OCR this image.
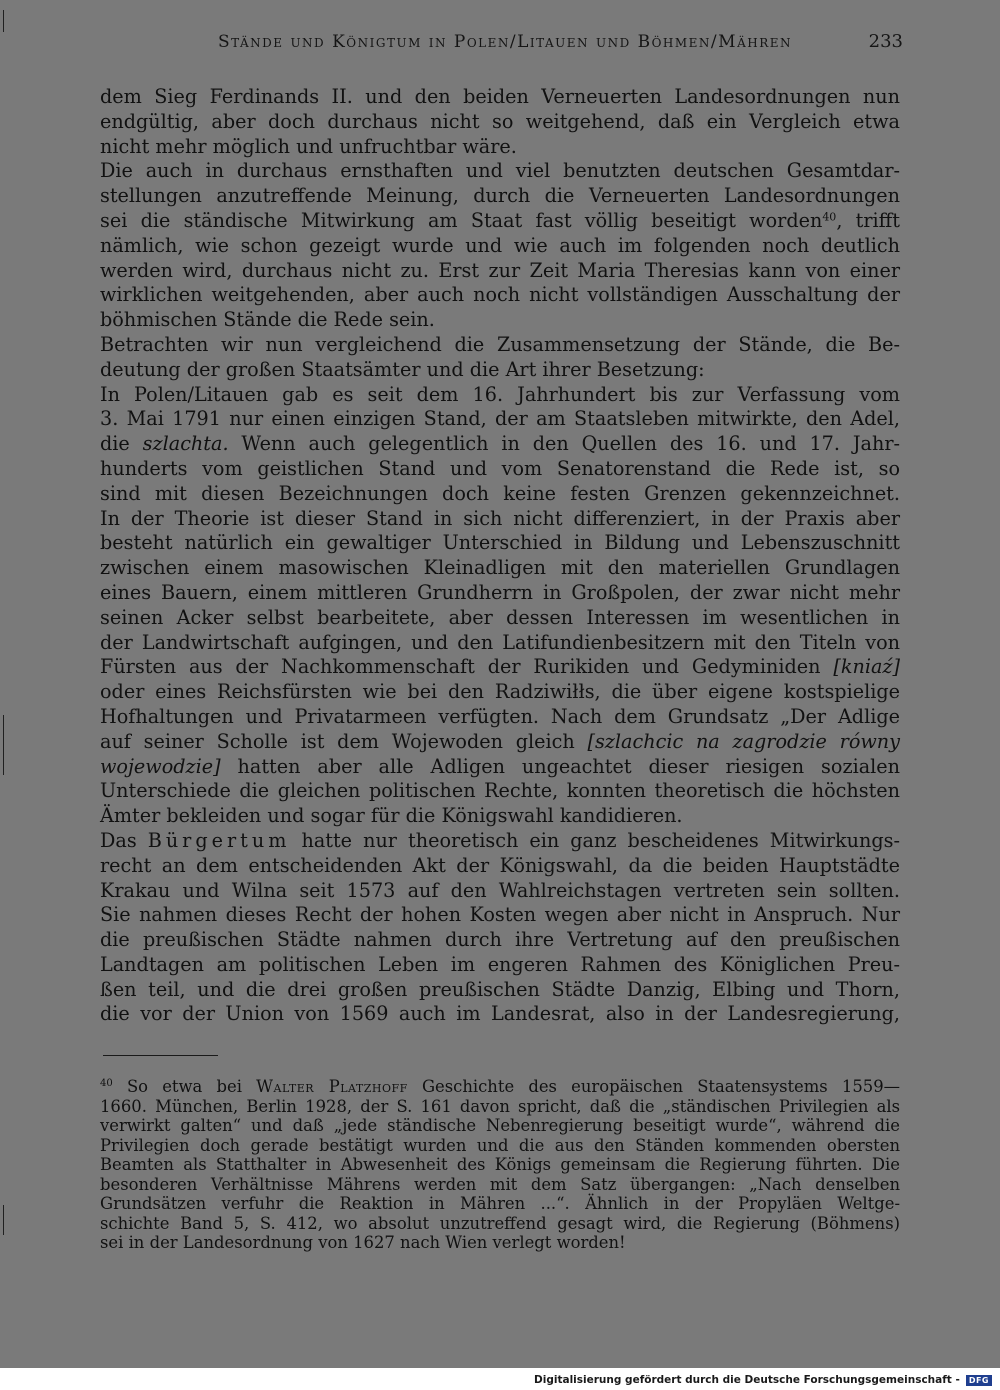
Stände und Königtum in Polen/Litauen und Böhmen/Mähren	233
dem Sieg Ferdinands II. und den beiden Verneuerten Landesordnungen nun
endgültig, aber doch durchaus nicht so weitgehend, daß ein Vergleich etwa
nicht mehr möglich und unfruchtbar wäre.
Die auch in durchaus ernsthaften und viel benutzten deutschen Gesamtdar-
stellungen anzutreffende Meinung, durch die Verneuerten Landesordnungen
sei die ständische Mitwirkung am Staat fast völlig beseitigt worden$^{40}$, trifft
nämlich, wie schon gezeigt wurde und wie auch im folgenden noch deutlich
werden wird, durchaus nicht zu. Erst zur Zeit Maria Theresias kann von einer
wirklichen weitgehenden, aber auch noch nicht vollständigen Ausschaltung der
böhmischen Stände die Rede sein.
Betrachten wir nun vergleichend die Zusammensetzung der Stände, die Be-
deutung der großen Staatsämter und die Art ihrer Besetzung:
In Polen/Litauen gab es seit dem 16. Jahrhundert bis zur Verfassung vom
3. Mai 1791 nur einen einzigen Stand, der am Staatsleben mitwirkte, den Adel,
die szlachta. Wenn auch gelegentlich in den Quellen des 16. und 17. Jahr-
hunderts vom geistlichen Stand und vom Senatorenstand die Rede ist, so
sind mit diesen Bezeichnungen doch keine festen Grenzen gekennzeichnet.
In der Theorie ist dieser Stand in sich nicht differenziert, in der Praxis aber
besteht natürlich ein gewaltiger Unterschied in Bildung und Lebenszuschnitt
zwischen einem masowischen Kleinadligen mit den materiellen Grundlagen
eines Bauern, einem mittleren Grundherrn in Großpolen, der zwar nicht mehr
seinen Acker selbst bearbeitete, aber dessen Interessen im wesentlichen in
der Landwirtschaft aufgingen, und den Latifundienbesitzern mit den Titeln von
Fürsten aus der Nachkommenschaft der Rurikiden und Gedyminiden [kniaź]
oder eines Reichsfürsten wie bei den Radziwiłłs, die über eigene kostspielige
Hofhaltungen und Privatarmeen verfügten. Nach dem Grundsatz „Der Adlige
auf seiner Scholle ist dem Wojewoden gleich [szlachcic na zagrodzie równy
wojewodzie] hatten aber alle Adligen ungeachtet dieser riesigen sozialen
Unterschiede die gleichen politischen Rechte, konnten theoretisch die höchsten
Ämter bekleiden und sogar für die Königswahl kandidieren.
Das Bürgertum hatte nur theoretisch ein ganz bescheidenes Mitwirkungs-
recht an dem entscheidenden Akt der Königswahl, da die beiden Hauptstädte
Krakau und Wilna seit 1573 auf den Wahlreichstagen vertreten sein sollten.
Sie nahmen dieses Recht der hohen Kosten wegen aber nicht in Anspruch. Nur
die preußischen Städte nahmen durch ihre Vertretung auf den preußischen
Landtagen am politischen Leben im engeren Rahmen des Königlichen Preu-
ßen teil, und die drei großen preußischen Städte Danzig, Elbing und Thorn,
die vor der Union von 1569 auch im Landesrat, also in der Landesregierung,
$^{40}$ So etwa bei Walter Platzhoff Geschichte des europäischen Staatensystems 1559—
1660. München, Berlin 1928, der S. 161 davon spricht, daß die „ständischen Privilegien als
verwirkt galten“ und daß „jede ständische Nebenregierung beseitigt wurde“, während die
Privilegien doch gerade bestätigt wurden und die aus den Ständen kommenden obersten
Beamten als Statthalter in Abwesenheit des Königs gemeinsam die Regierung führten. Die
besonderen Verhältnisse Mährens werden mit dem Satz übergangen: „Nach denselben
Grundsätzen verfuhr die Reaktion in Mähren ...“. Ähnlich in der Propyläen Weltge-
schichte Band 5, S. 412, wo absolut unzutreffend gesagt wird, die Regierung (Böhmens)
sei in der Landesordnung von 1627 nach Wien verlegt worden!
Digitalisierung gefördert durch die Deutsche Forschungsgemeinschaft -	DFG
